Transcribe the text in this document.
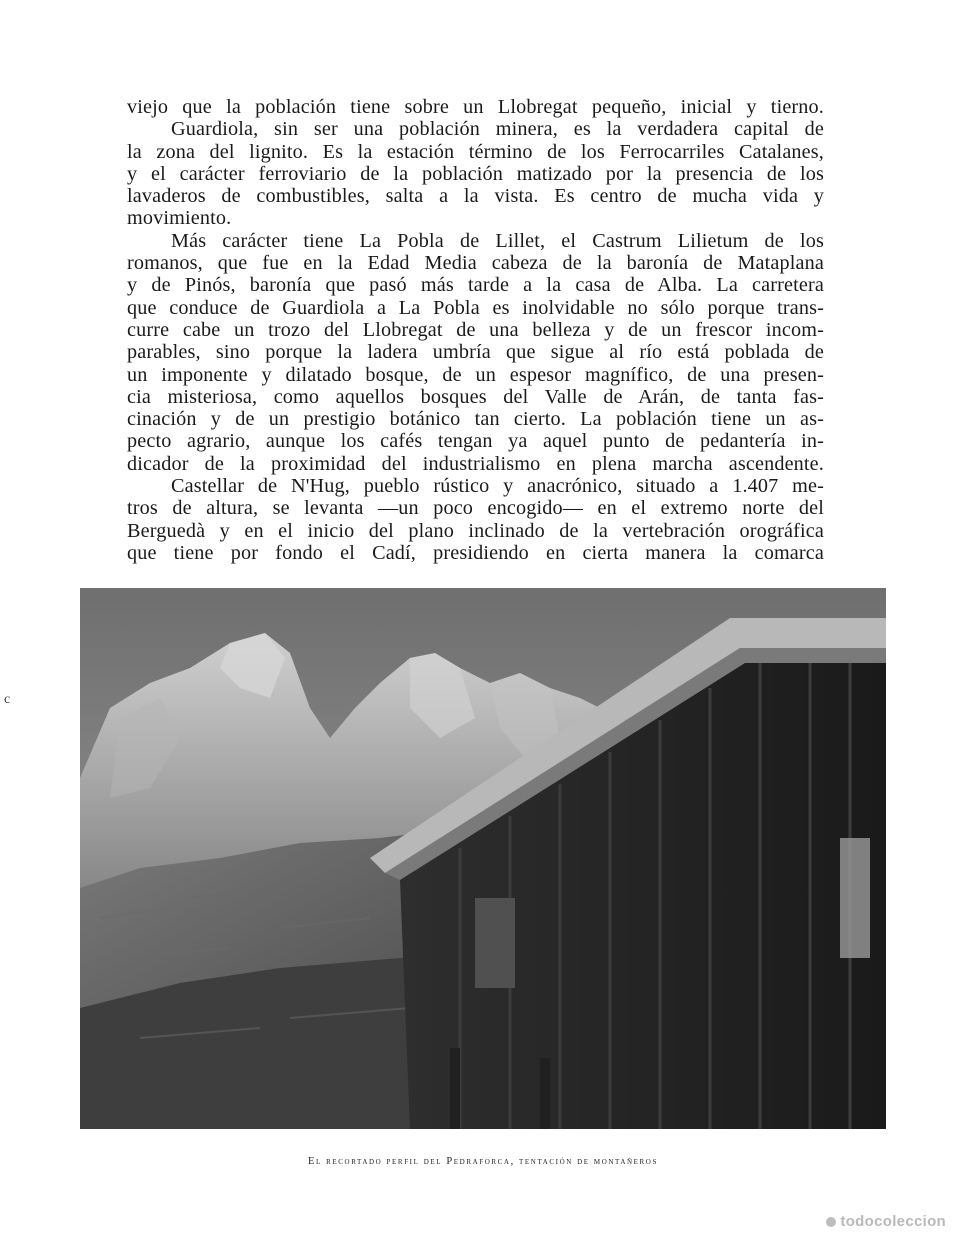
viejo que la población tiene sobre un Llobregat pequeño, inicial y tierno.
Guardiola, sin ser una población minera, es la verdadera capital de
la zona del lignito. Es la estación término de los Ferrocarriles Catalanes,
y el carácter ferroviario de la población matizado por la presencia de los
lavaderos de combustibles, salta a la vista. Es centro de mucha vida y
movimiento.
Más carácter tiene La Pobla de Lillet, el Castrum Lilietum de los
romanos, que fue en la Edad Media cabeza de la baronía de Mataplana
y de Pinós, baronía que pasó más tarde a la casa de Alba. La carretera
que conduce de Guardiola a La Pobla es inolvidable no sólo porque trans-
curre cabe un trozo del Llobregat de una belleza y de un frescor incom-
parables, sino porque la ladera umbría que sigue al río está poblada de
un imponente y dilatado bosque, de un espesor magnífico, de una presen-
cia misteriosa, como aquellos bosques del Valle de Arán, de tanta fas-
cinación y de un prestigio botánico tan cierto. La población tiene un as-
pecto agrario, aunque los cafés tengan ya aquel punto de pedantería in-
dicador de la proximidad del industrialismo en plena marcha ascendente.
Castellar de N'Hug, pueblo rústico y anacrónico, situado a 1.407 me-
tros de altura, se levanta —un poco encogido— en el extremo norte del
Berguedà y en el inicio del plano inclinado de la vertebración orográfica
que tiene por fondo el Cadí, presidiendo en cierta manera la comarca
c
El recortado perfil del Pedraforca, tentación de montañeros
todocoleccion
